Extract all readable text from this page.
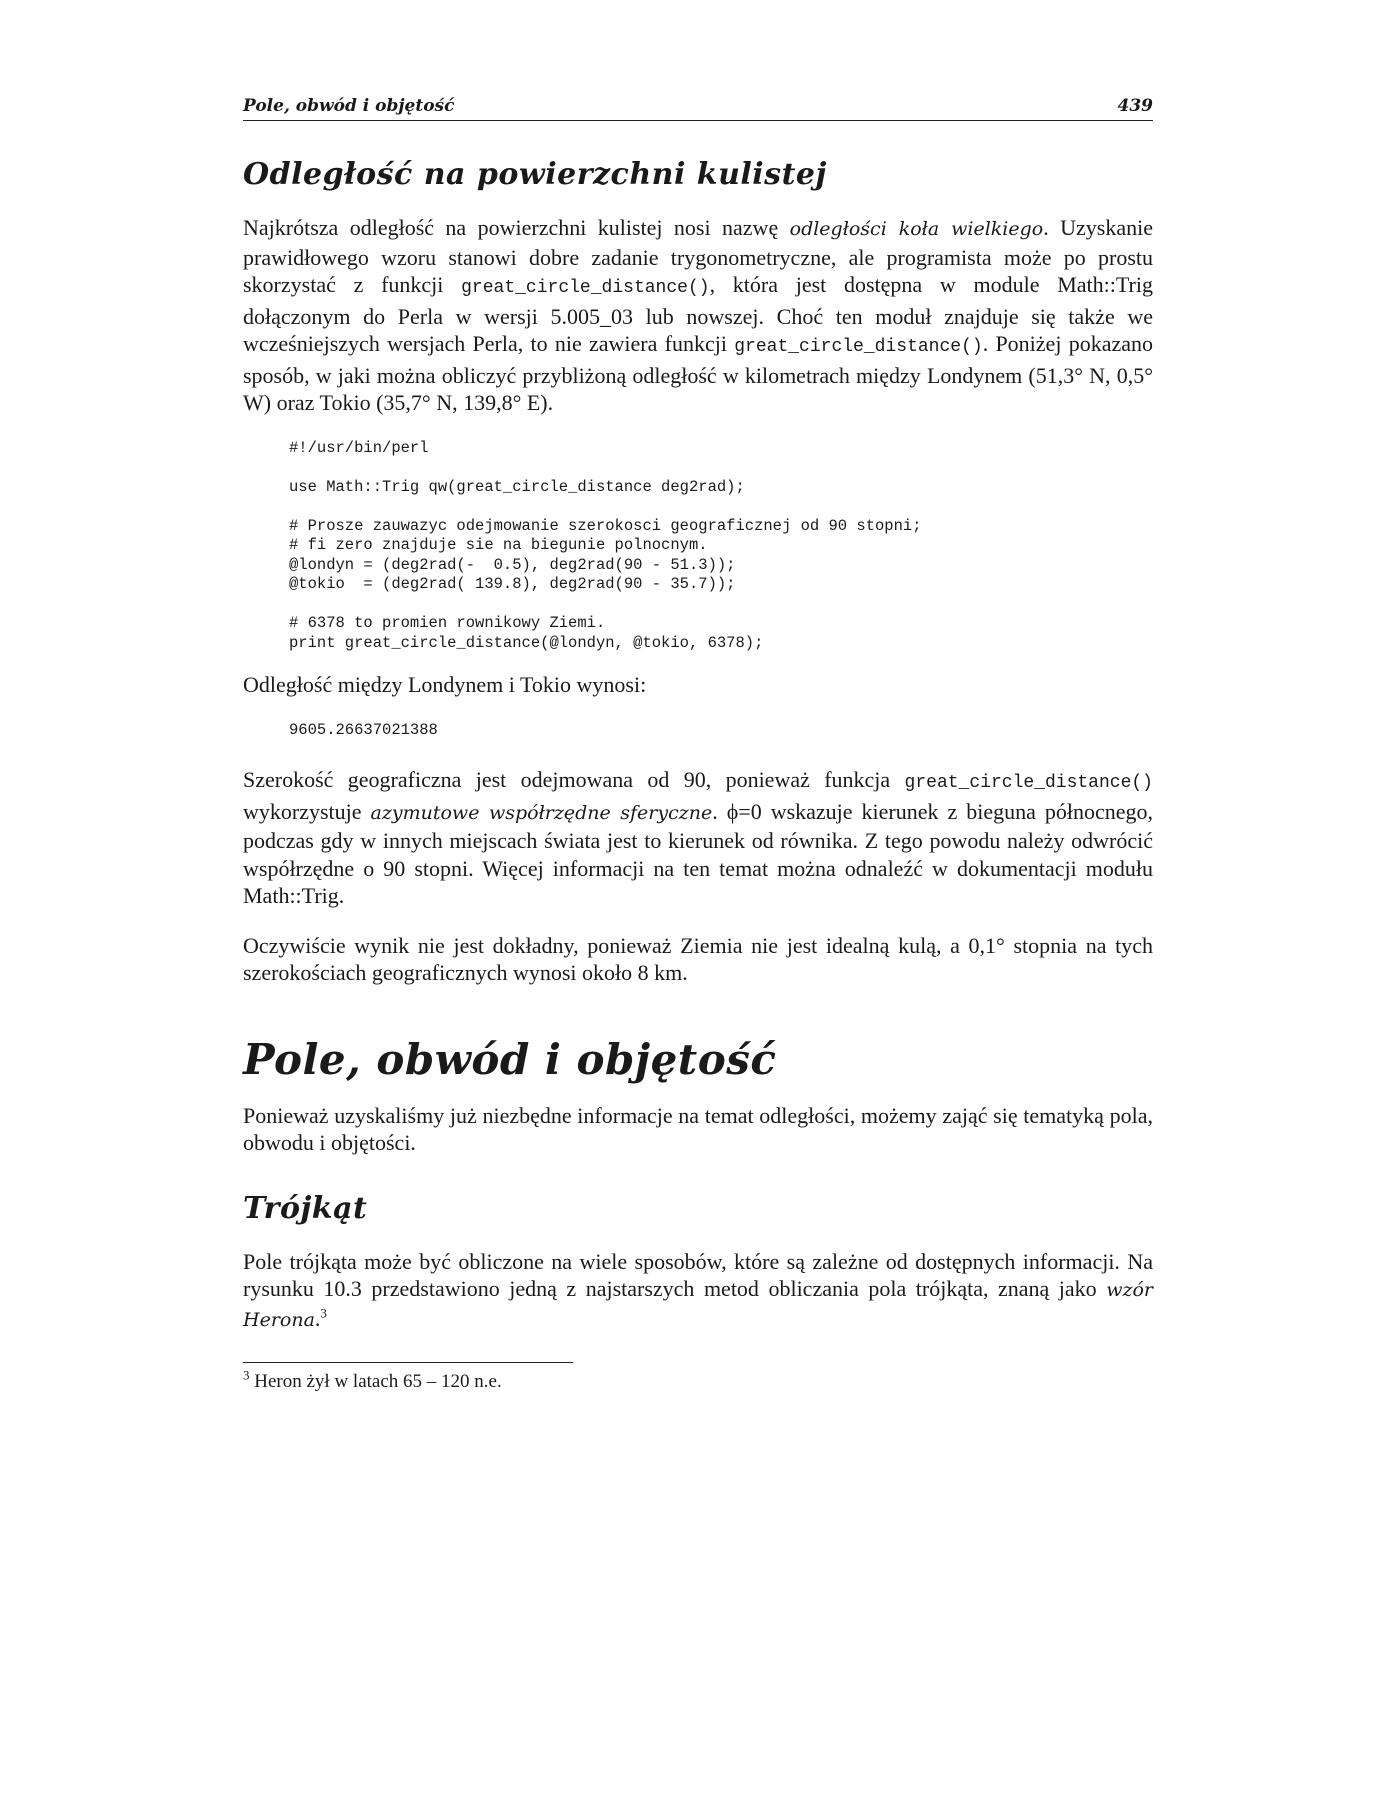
Pole, obwód i objętość	439
Odległość na powierzchni kulistej

Najkrótsza odległość na powierzchni kulistej nosi nazwę odległości koła wielkiego. Uzyskanie prawidłowego wzoru stanowi dobre zadanie trygonometryczne, ale programista może po prostu skorzystać z funkcji great_circle_distance(), która jest dostępna w module Math::Trig dołączonym do Perla w wersji 5.005_03 lub nowszej. Choć ten moduł znajduje się także we wcześniejszych wersjach Perla, to nie zawiera funkcji great_circle_distance(). Poniżej pokazano sposób, w jaki można obliczyć przybliżoną odległość w kilometrach między Londynem (51,3° N, 0,5° W) oraz Tokio (35,7° N, 139,8° E).

#!/usr/bin/perl

use Math::Trig qw(great_circle_distance deg2rad);

# Prosze zauwazyc odejmowanie szerokosci geograficznej od 90 stopni;
# fi zero znajduje sie na biegunie polnocnym.
@londyn = (deg2rad(-  0.5), deg2rad(90 - 51.3));
@tokio  = (deg2rad( 139.8), deg2rad(90 - 35.7));

# 6378 to promien rownikowy Ziemi.
print great_circle_distance(@londyn, @tokio, 6378);

Odległość między Londynem i Tokio wynosi:

9605.26637021388

Szerokość geograficzna jest odejmowana od 90, ponieważ funkcja great_circle_distance() wykorzystuje azymutowe współrzędne sferyczne. ϕ=0 wskazuje kierunek z bieguna północnego, podczas gdy w innych miejscach świata jest to kierunek od równika. Z tego powodu należy odwrócić współrzędne o 90 stopni. Więcej informacji na ten temat można odnaleźć w dokumentacji modułu Math::Trig.

Oczywiście wynik nie jest dokładny, ponieważ Ziemia nie jest idealną kulą, a 0,1° stopnia na tych szerokościach geograficznych wynosi około 8 km.

Pole, obwód i objętość

Ponieważ uzyskaliśmy już niezbędne informacje na temat odległości, możemy zająć się tematyką pola, obwodu i objętości.

Trójkąt

Pole trójkąta może być obliczone na wiele sposobów, które są zależne od dostępnych informacji. Na rysunku 10.3 przedstawiono jedną z najstarszych metod obliczania pola trójkąta, znaną jako wzór Herona.$^3$

$^3$ Heron żył w latach 65 – 120 n.e.
